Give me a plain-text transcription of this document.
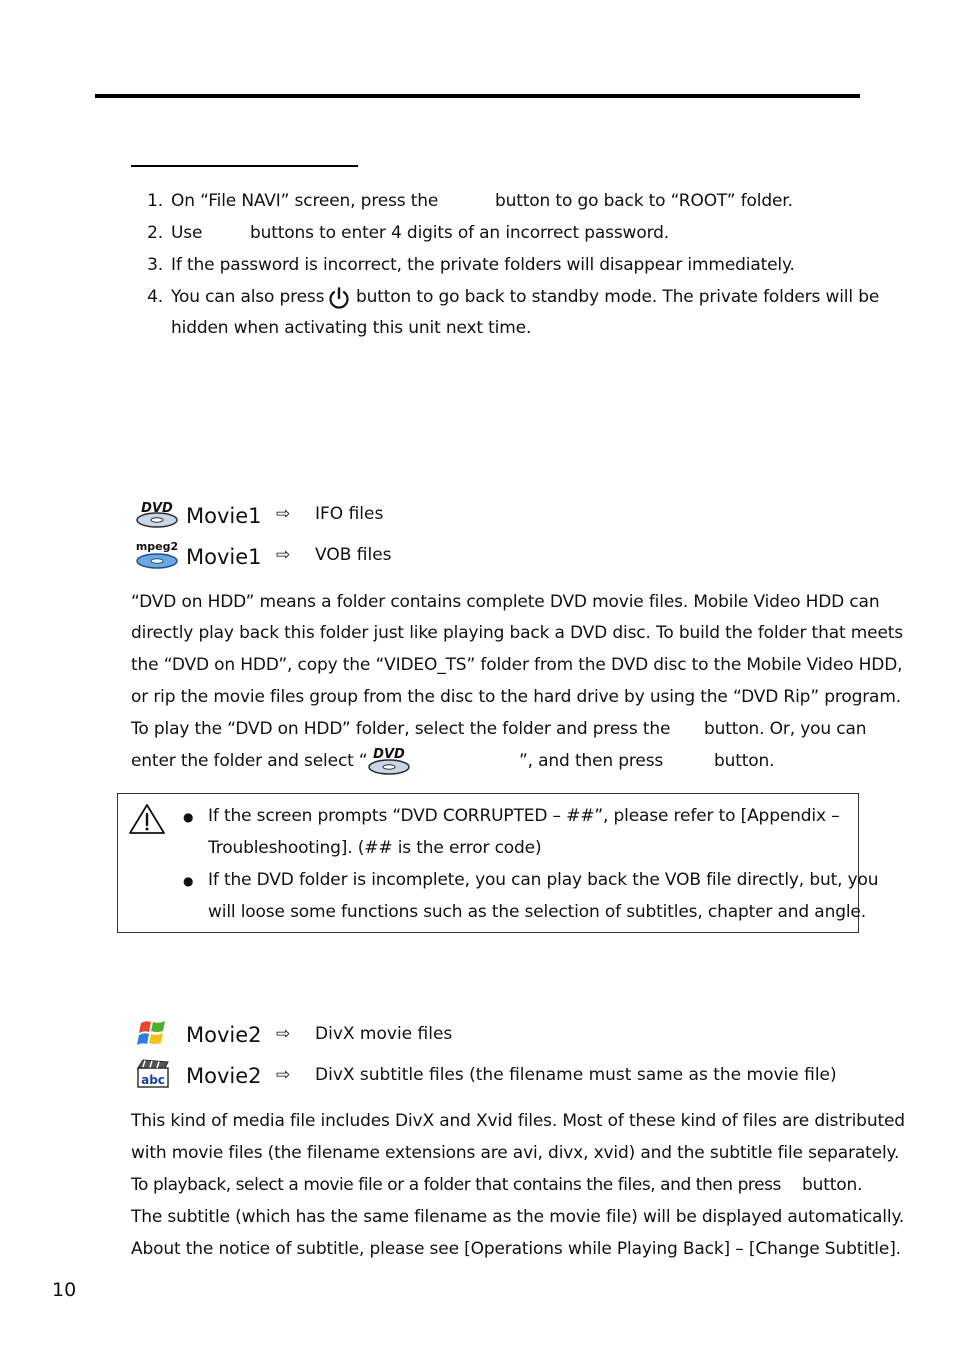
1. On “File NAVI” screen, press the	button to go back to “ROOT” folder.
2. Use	buttons to enter 4 digits of an incorrect password.
3. If the password is incorrect, the private folders will disappear immediately.
4. You can also press button to go back to standby mode. The private folders will be
hidden when activating this unit next time.
DVD Movie1 ⇨ IFO files
mpeg2 Movie1 ⇨ VOB files
“DVD on HDD” means a folder contains complete DVD movie files. Mobile Video HDD can
directly play back this folder just like playing back a DVD disc. To build the folder that meets
the “DVD on HDD”, copy the “VIDEO_TS” folder from the DVD disc to the Mobile Video HDD,
or rip the movie files group from the disc to the hard drive by using the “DVD Rip” program.
To play the “DVD on HDD” folder, select the folder and press the button. Or, you can
enter the folder and select “ DVD	”, and then press	button.
● If the screen prompts “DVD CORRUPTED – ##”, please refer to [Appendix –
Troubleshooting]. (## is the error code)
● If the DVD folder is incomplete, you can play back the VOB file directly, but, you
will loose some functions such as the selection of subtitles, chapter and angle.
Movie2 ⇨ DivX movie files
abc Movie2 ⇨ DivX subtitle files (the filename must same as the movie file)
This kind of media file includes DivX and Xvid files. Most of these kind of files are distributed
with movie files (the filename extensions are avi, divx, xvid) and the subtitle file separately.
To playback, select a movie file or a folder that contains the files, and then press button.
The subtitle (which has the same filename as the movie file) will be displayed automatically.
About the notice of subtitle, please see [Operations while Playing Back] – [Change Subtitle].
10
